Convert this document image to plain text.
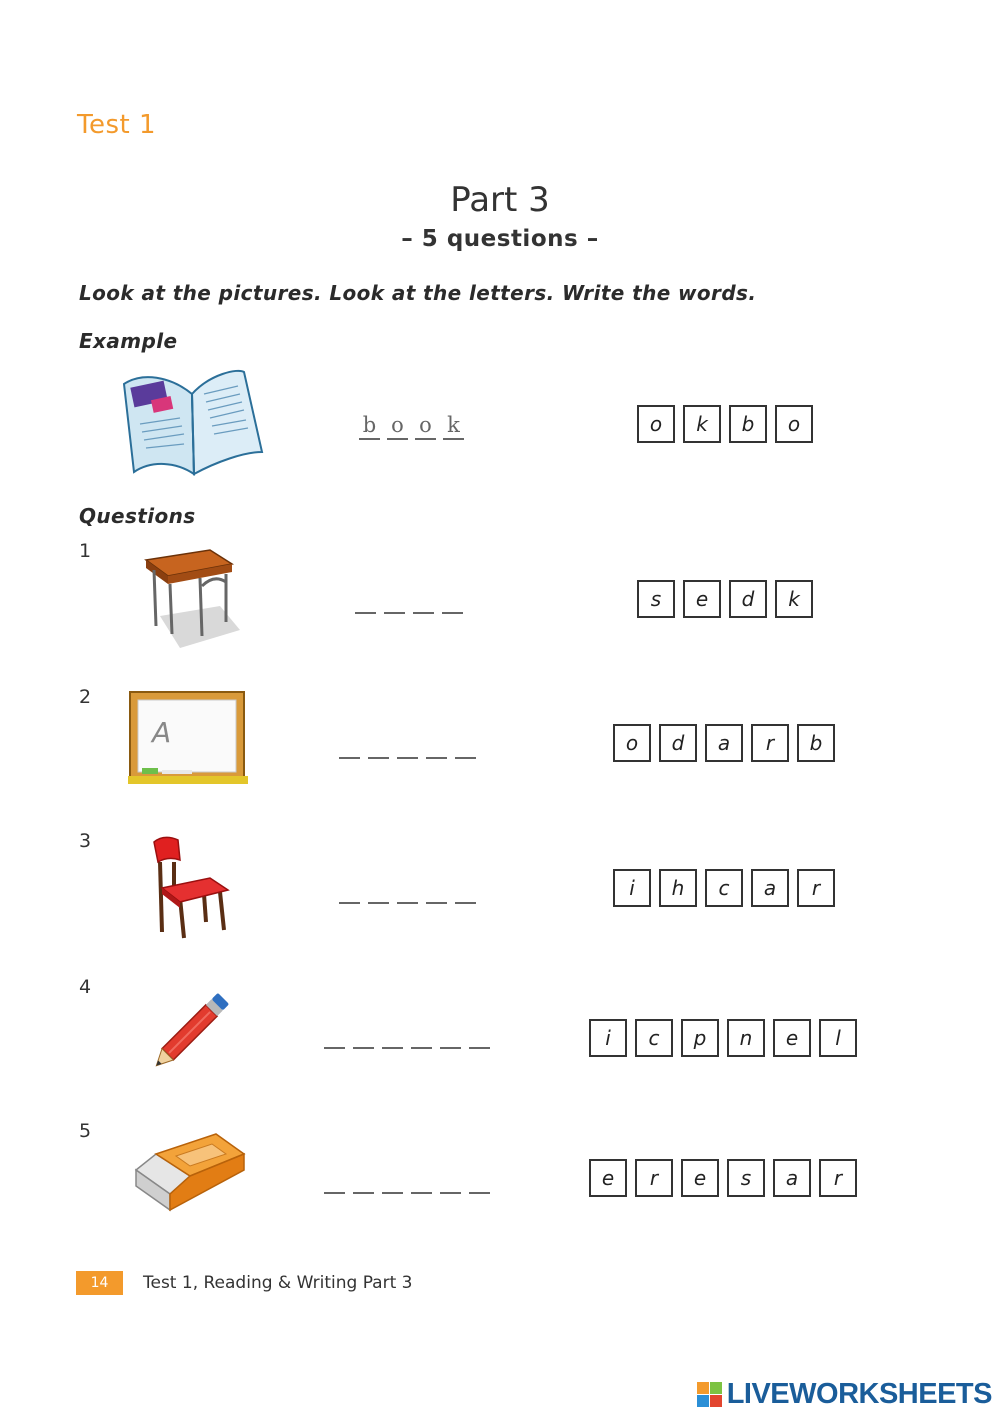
Test 1
Part 3
– 5 questions –
Look at the pictures. Look at the letters. Write the words.
Example
b o o k	o	k	b	o
Questions
1
s	e	d	k
2
A	o	d	a	r	b
3
i	h	c	a	r
4
i	c	p	n	e	l
5
e	r	e	s	a	r
14	Test 1, Reading & Writing Part 3
LIVEWORKSHEETS
